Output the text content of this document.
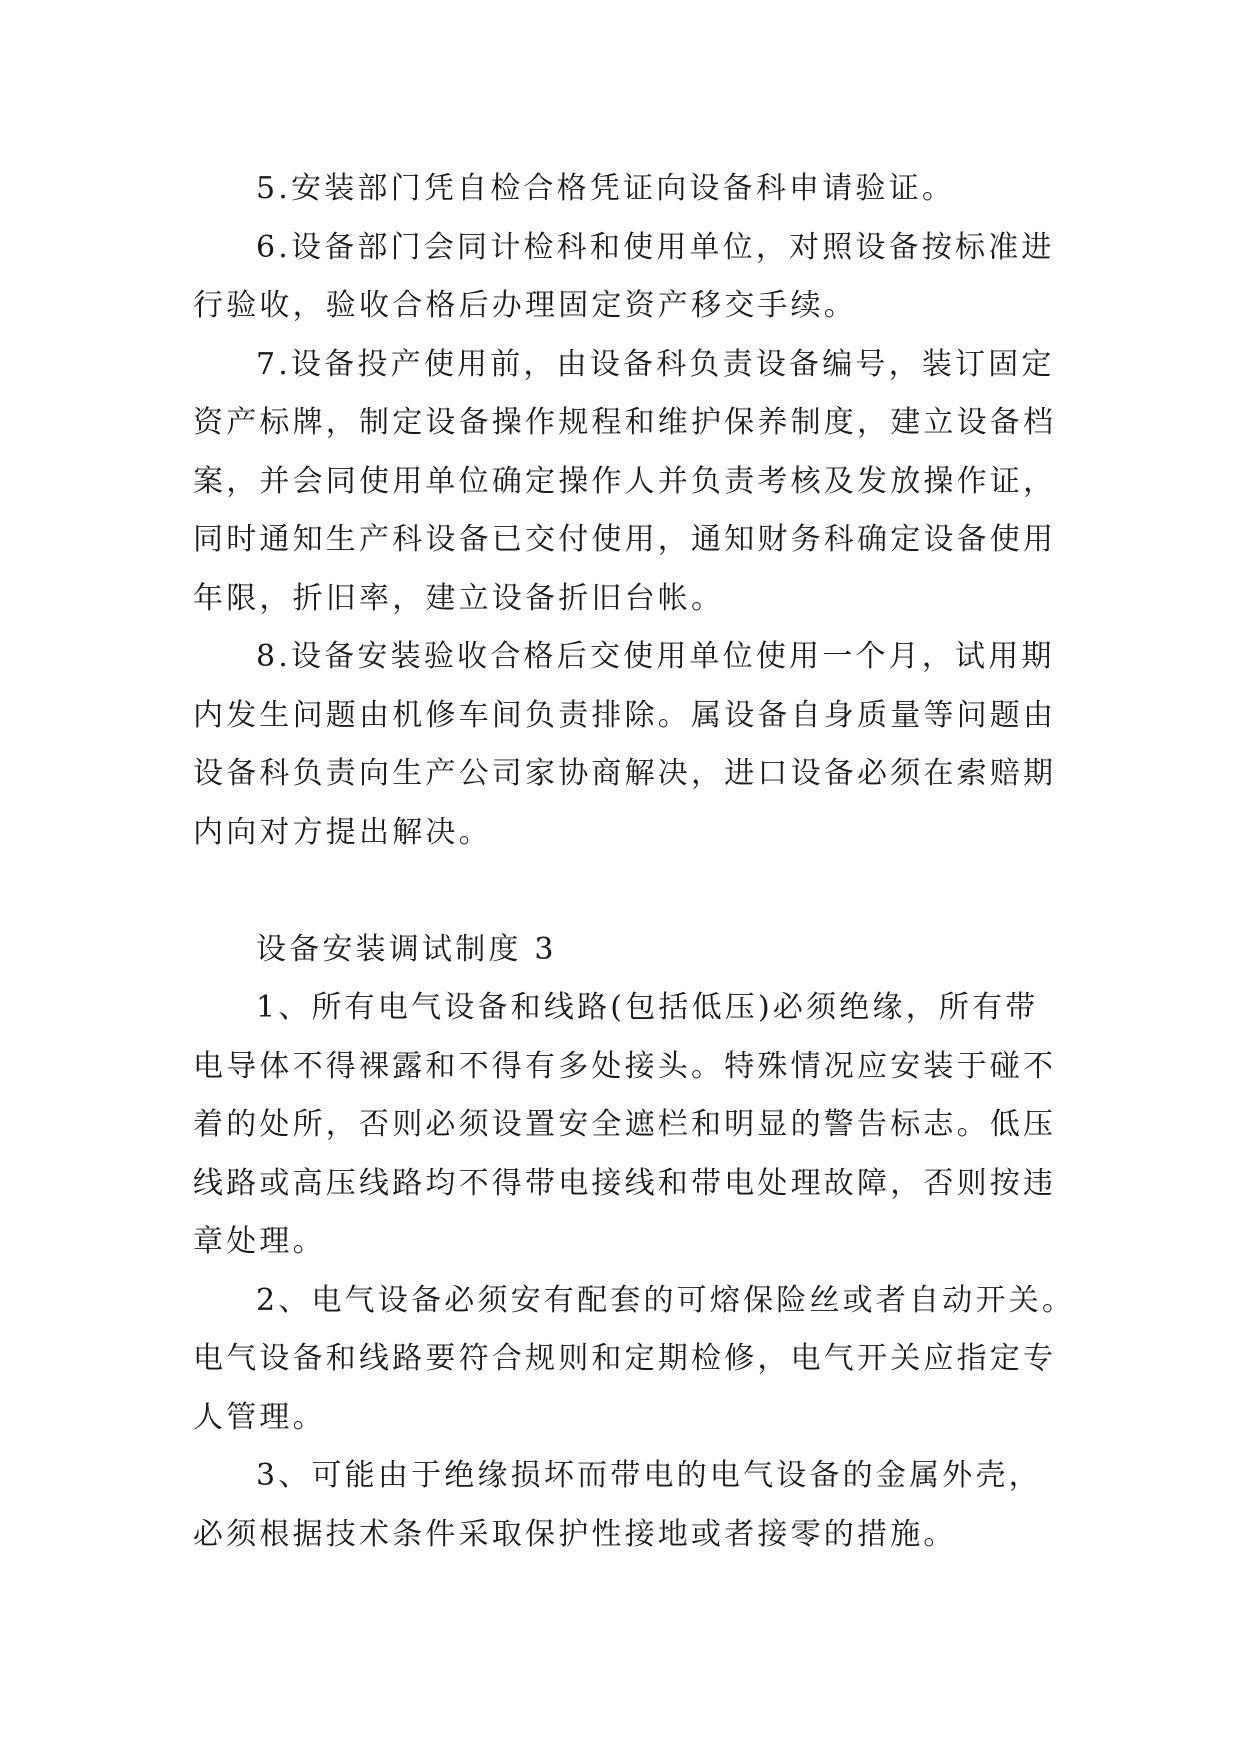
5.安装部门凭自检合格凭证向设备科申请验证。
6.设备部门会同计检科和使用单位，对照设备按标准进
行验收，验收合格后办理固定资产移交手续。
7.设备投产使用前，由设备科负责设备编号，装订固定
资产标牌，制定设备操作规程和维护保养制度，建立设备档
案，并会同使用单位确定操作人并负责考核及发放操作证，
同时通知生产科设备已交付使用，通知财务科确定设备使用
年限，折旧率，建立设备折旧台帐。
8.设备安装验收合格后交使用单位使用一个月，试用期
内发生问题由机修车间负责排除。属设备自身质量等问题由
设备科负责向生产公司家协商解决，进口设备必须在索赔期
内向对方提出解决。
设备安装调试制度 3
1、所有电气设备和线路(包括低压)必须绝缘，所有带
电导体不得裸露和不得有多处接头。特殊情况应安装于碰不
着的处所，否则必须设置安全遮栏和明显的警告标志。低压
线路或高压线路均不得带电接线和带电处理故障，否则按违
章处理。
2、电气设备必须安有配套的可熔保险丝或者自动开关。
电气设备和线路要符合规则和定期检修，电气开关应指定专
人管理。
3、可能由于绝缘损坏而带电的电气设备的金属外壳，
必须根据技术条件采取保护性接地或者接零的措施。
